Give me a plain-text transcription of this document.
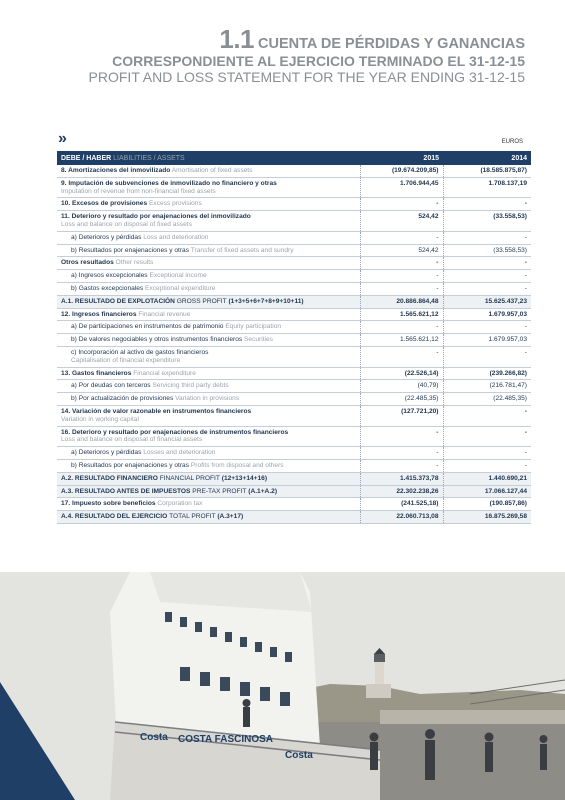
1.1 CUENTA DE PÉRDIDAS Y GANANCIAS
CORRESPONDIENTE AL EJERCICIO TERMINADO EL 31-12-15
PROFIT AND LOSS STATEMENT FOR THE YEAR ENDING 31-12-15
»	EUROS
DEBE / HABER LIABILITIES / ASSETS	2015	2014
8. Amortizaciones del inmovilizado Amortisation of fixed assets	(19.674.209,85)	(18.585.875,87)
9. Imputación de subvenciones de inmovilizado no financiero y otras
Imputation of revenue from non-financial fixed assets	1.706.944,45	1.708.137,19
10. Excesos de provisiones Excess provisions	-	-
11. Deterioro y resultado por enajenaciones del inmovilizado
Loss and balance on disposal of fixed assets	524,42	(33.558,53)
a) Deterioros y pérdidas Loss and deterioration	-	-
b) Resultados por enajenaciones y otras Transfer of fixed assets and sundry	524,42	(33.558,53)
Otros resultados Other results	-	-
a) Ingresos excepcionales Exceptional income	-	-
b) Gastos excepcionales Exceptional expenditure	-	-
A.1. RESULTADO DE EXPLOTACIÓN GROSS PROFIT (1+3+5+6+7+8+9+10+11)	20.886.864,48	15.625.437,23
12. Ingresos financieros Financial revenue	1.565.621,12	1.679.957,03
a) De participaciones en instrumentos de patrimonio Equity participation	-	-
b) De valores negociables y otros instrumentos financieros Securities	1.565.621,12	1.679.957,03
c) Incorporación al activo de gastos financieros
Capitalisation of financial expenditure	-	-
13. Gastos financieros Financial expenditure	(22.526,14)	(239.266,82)
a) Por deudas con terceros Servicing third party debts	(40,79)	(216.781,47)
b) Por actualización de provisiones Variation in provisions	(22.485,35)	(22.485,35)
14. Variación de valor razonable en instrumentos financieros
Variation in working capital	(127.721,20)	-
16. Deterioro y resultado por enajenaciones de instrumentos financieros
Loss and balance on disposal of financial assets	-	-
a) Deterioros y pérdidas Losses and deterioration	-	-
b) Resultados por enajenaciones y otras Profits from disposal and others	-	-
A.2. RESULTADO FINANCIERO FINANCIAL PROFIT (12+13+14+16)	1.415.373,78	1.440.690,21
A.3. RESULTADO ANTES DE IMPUESTOS PRE-TAX PROFIT (A.1+A.2)	22.302.238,26	17.066.127,44
17. Impuesto sobre beneficios Corporation tax	(241.525,18)	(190.857,86)
A.4. RESULTADO DEL EJERCICIO TOTAL PROFIT (A.3+17)	22.060.713,08	16.875.269,58
Costa COSTA FASCINOSA
Costa
